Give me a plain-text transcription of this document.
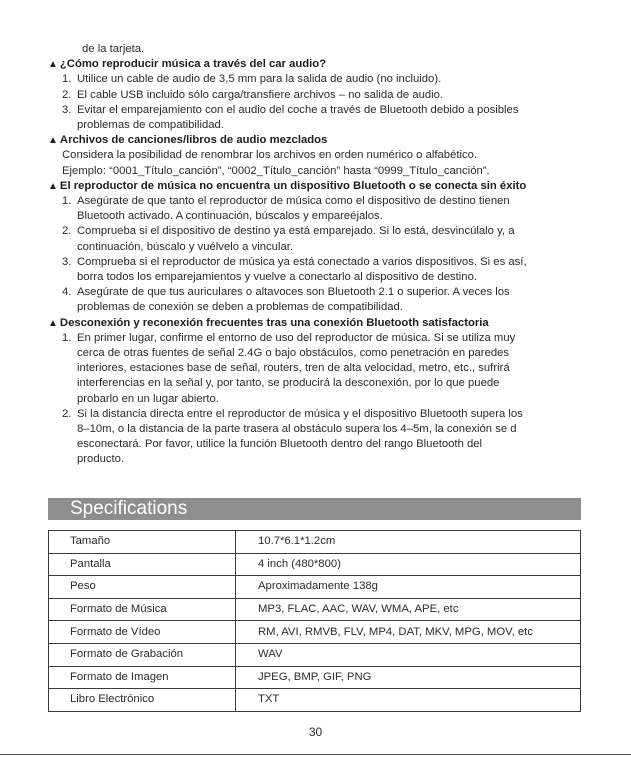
de la tarjeta.
▲ ¿Cómo reproducir música a través del car audio?
1. Utilice un cable de audio de 3,5 mm para la salida de audio (no incluido).
2. El cable USB incluido sólo carga/transfiere archivos – no salida de audio.
3. Evitar el emparejamiento con el audio del coche a través de Bluetooth debido a posibles
problemas de compatibilidad.
▲ Archivos de canciones/libros de audio mezclados
Considera la posibilidad de renombrar los archivos en orden numérico o alfabético.
Ejemplo: “0001_Título_canción”, “0002_Título_canción” hasta “0999_Título_canción”.
▲ El reproductor de música no encuentra un dispositivo Bluetooth o se conecta sin éxito
1. Asegúrate de que tanto el reproductor de música como el dispositivo de destino tienen
Bluetooth activado. A continuación, búscalos y empareéjalos.
2. Comprueba si el dispositivo de destino ya está emparejado. Si lo está, desvincúlalo y, a
continuación, búscalo y vuélvelo a vincular.
3. Comprueba si el reproductor de música ya está conectado a varios dispositivos. Si es así,
borra todos los emparejamientos y vuelve a conectarlo al dispositivo de destino.
4. Asegúrate de que tus auriculares o altavoces son Bluetooth 2.1 o superior. A veces los
problemas de conexión se deben a problemas de compatibilidad.
▲ Desconexión y reconexión frecuentes tras una conexión Bluetooth satisfactoria
1. En primer lugar, confirme el entorno de uso del reproductor de música. Si se utiliza muy
cerca de otras fuentes de señal 2.4G o bajo obstáculos, como penetración en paredes
interiores, estaciones base de señal, routers, tren de alta velocidad, metro, etc., sufrirá
interferencias en la señal y, por tanto, se producirá la desconexión, por lo que puede
probarlo en un lugar abierto.
2. Si la distancia directa entre el reproductor de música y el dispositivo Bluetooth supera los
8–10m, o la distancia de la parte trasera al obstáculo supera los 4–5m, la conexión se d
esconectará. Por favor, utilice la función Bluetooth dentro del rango Bluetooth del
producto.
Specifications
Tamaño	10.7*6.1*1.2cm
Pantalla	4 inch (480*800)
Peso	Aproximadamente 138g
Formato de Música	MP3, FLAC, AAC, WAV, WMA, APE, etc
Formato de Vídeo	RM, AVI, RMVB, FLV, MP4, DAT, MKV, MPG, MOV, etc
Formato de Grabación	WAV
Formato de Imagen	JPEG, BMP, GIF, PNG
Libro Electrónico	TXT
30
